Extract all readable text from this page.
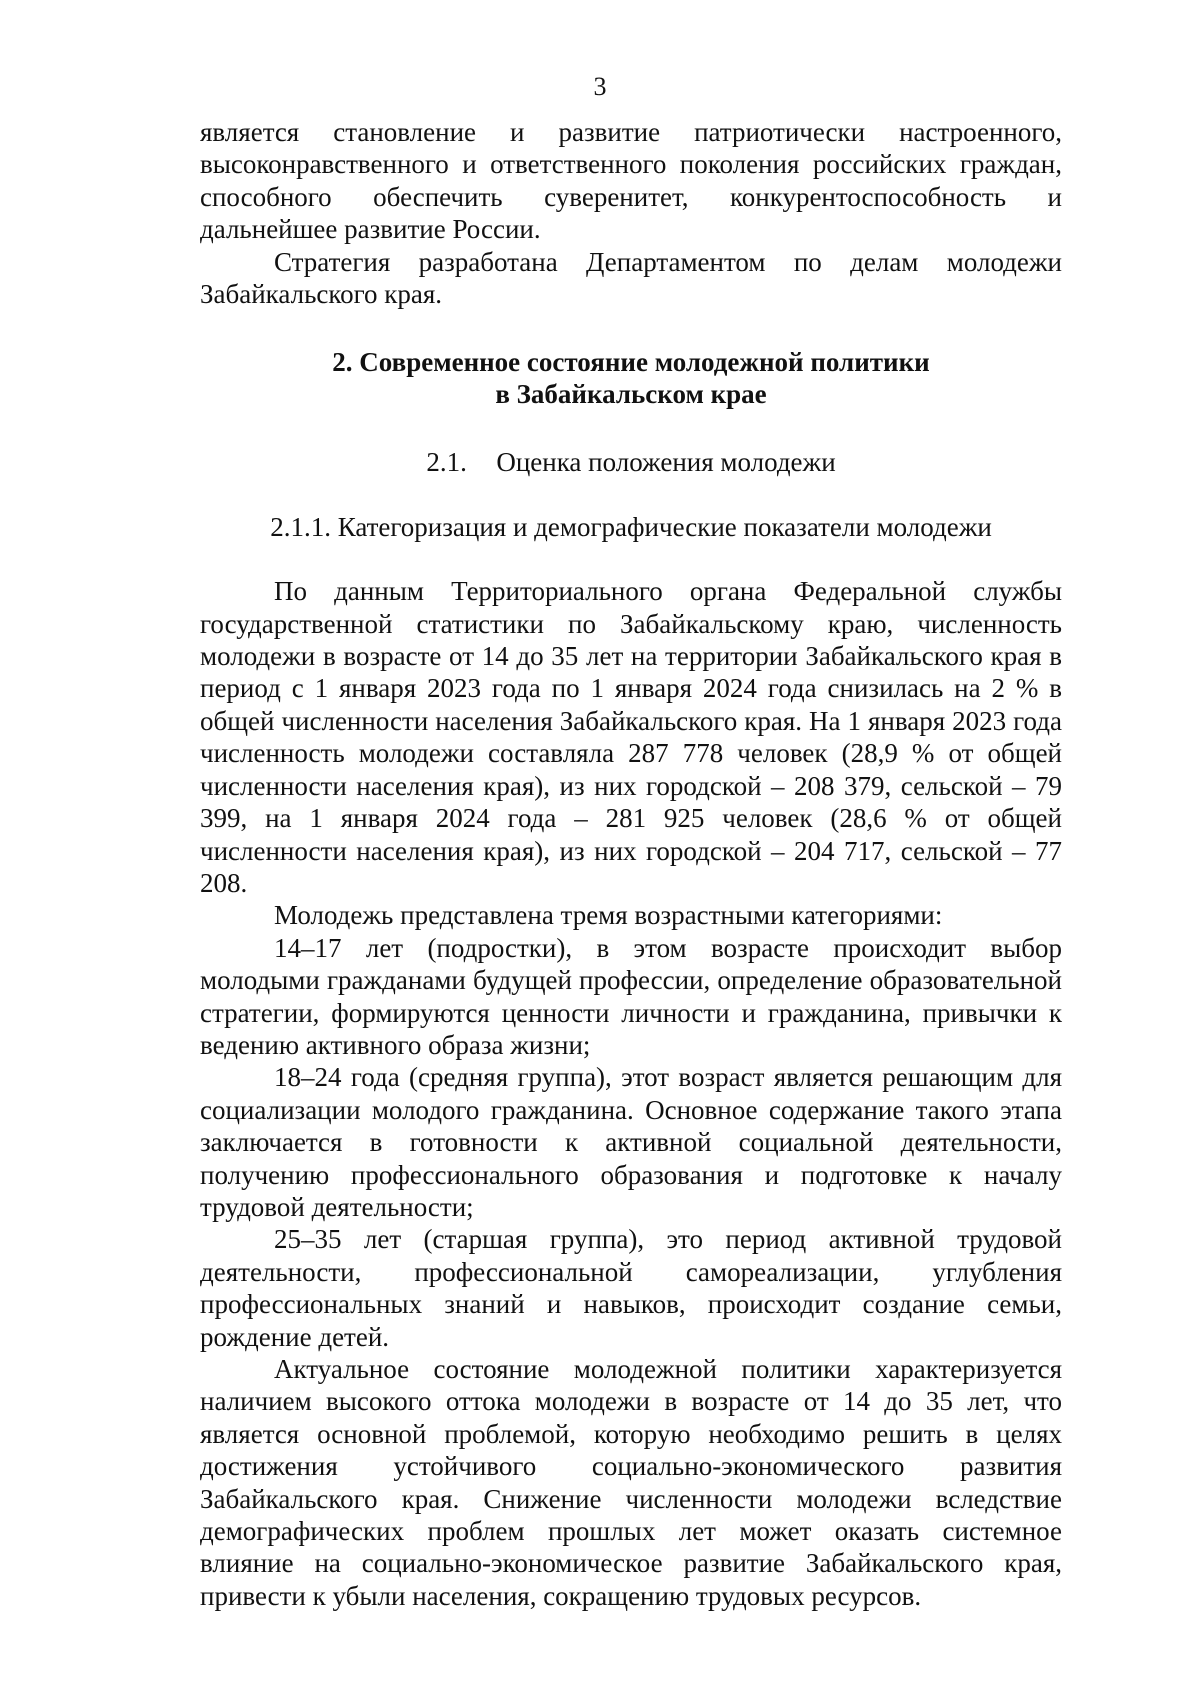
3

является становление и развитие патриотически настроенного, высоконравственного и ответственного поколения российских граждан, способного обеспечить суверенитет, конкурентоспособность и дальнейшее развитие России.

Стратегия разработана Департаментом по делам молодежи Забайкальского края.

2. Современное состояние молодежной политики
в Забайкальском крае
2.1. Оценка положения молодежи
2.1.1. Категоризация и демографические показатели молодежи

По данным Территориального органа Федеральной службы государственной статистики по Забайкальскому краю, численность молодежи в возрасте от 14 до 35 лет на территории Забайкальского края в период с 1 января 2023 года по 1 января 2024 года снизилась на 2 % в общей численности населения Забайкальского края. На 1 января 2023 года численность молодежи составляла 287 778 человек (28,9 % от общей численности населения края), из них городской – 208 379, сельской – 79 399, на 1 января 2024 года – 281 925 человек (28,6 % от общей численности населения края), из них городской – 204 717, сельской – 77 208.

Молодежь представлена тремя возрастными категориями:

14–17 лет (подростки), в этом возрасте происходит выбор молодыми гражданами будущей профессии, определение образовательной стратегии, формируются ценности личности и гражданина, привычки к ведению активного образа жизни;

18–24 года (средняя группа), этот возраст является решающим для социализации молодого гражданина. Основное содержание такого этапа заключается в готовности к активной социальной деятельности, получению профессионального образования и подготовке к началу трудовой деятельности;

25–35 лет (старшая группа), это период активной трудовой деятельности, профессиональной самореализации, углубления профессиональных знаний и навыков, происходит создание семьи, рождение детей.

Актуальное состояние молодежной политики характеризуется наличием высокого оттока молодежи в возрасте от 14 до 35 лет, что является основной проблемой, которую необходимо решить в целях достижения устойчивого социально-экономического развития Забайкальского края. Снижение численности молодежи вследствие демографических проблем прошлых лет может оказать системное влияние на социально-экономическое развитие Забайкальского края, привести к убыли населения, сокращению трудовых ресурсов.
